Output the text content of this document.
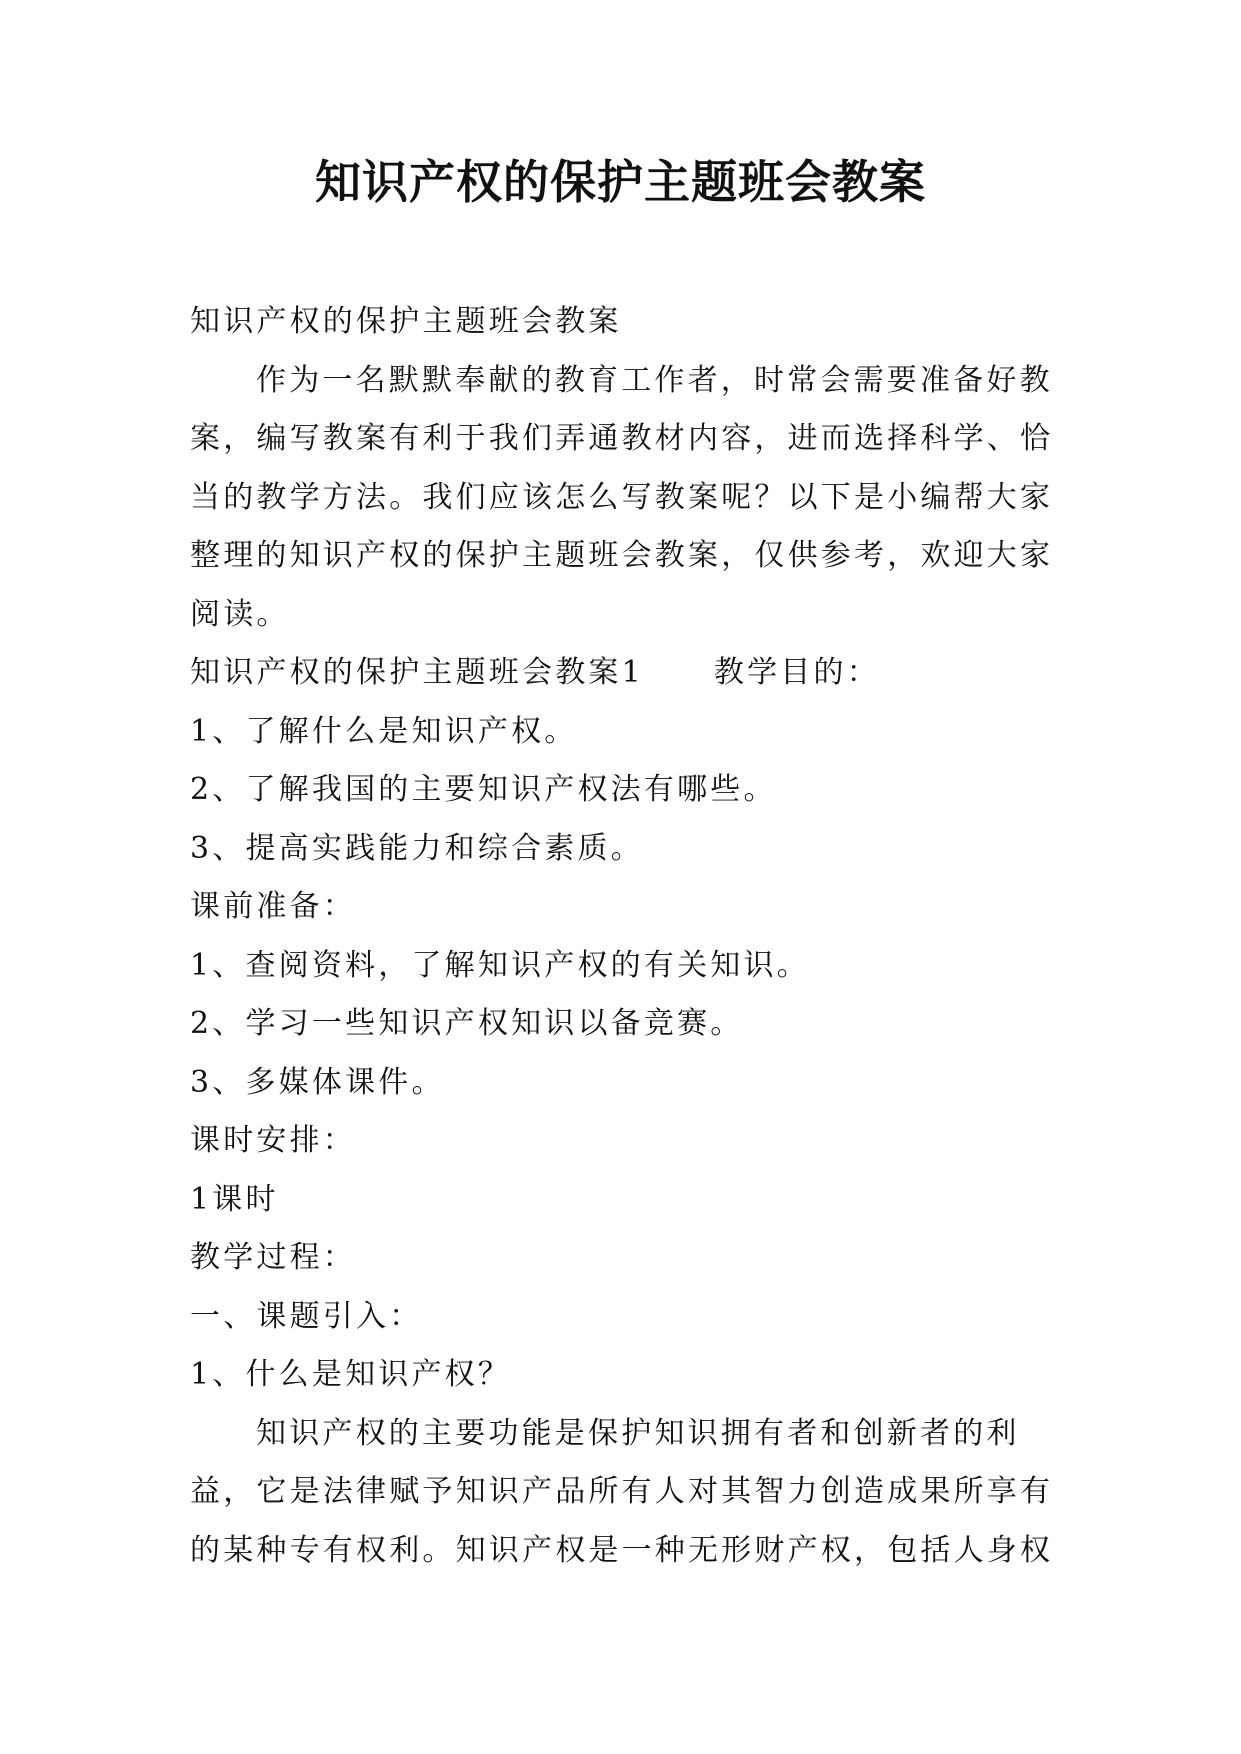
知识产权的保护主题班会教案

知识产权的保护主题班会教案

作为一名默默奉献的教育工作者，时常会需要准备好教案，编写教案有利于我们弄通教材内容，进而选择科学、恰当的教学方法。我们应该怎么写教案呢？以下是小编帮大家整理的知识产权的保护主题班会教案，仅供参考，欢迎大家阅读。

知识产权的保护主题班会教案1 教学目的：

1、了解什么是知识产权。

2、了解我国的主要知识产权法有哪些。

3、提高实践能力和综合素质。

课前准备：

1、查阅资料，了解知识产权的有关知识。

2、学习一些知识产权知识以备竞赛。

3、多媒体课件。

课时安排：

1课时

教学过程：

一、课题引入：

1、什么是知识产权？

知识产权的主要功能是保护知识拥有者和创新者的利益，它是法律赋予知识产品所有人对其智力创造成果所享有的某种专有权利。知识产权是一种无形财产权，包括人身权
